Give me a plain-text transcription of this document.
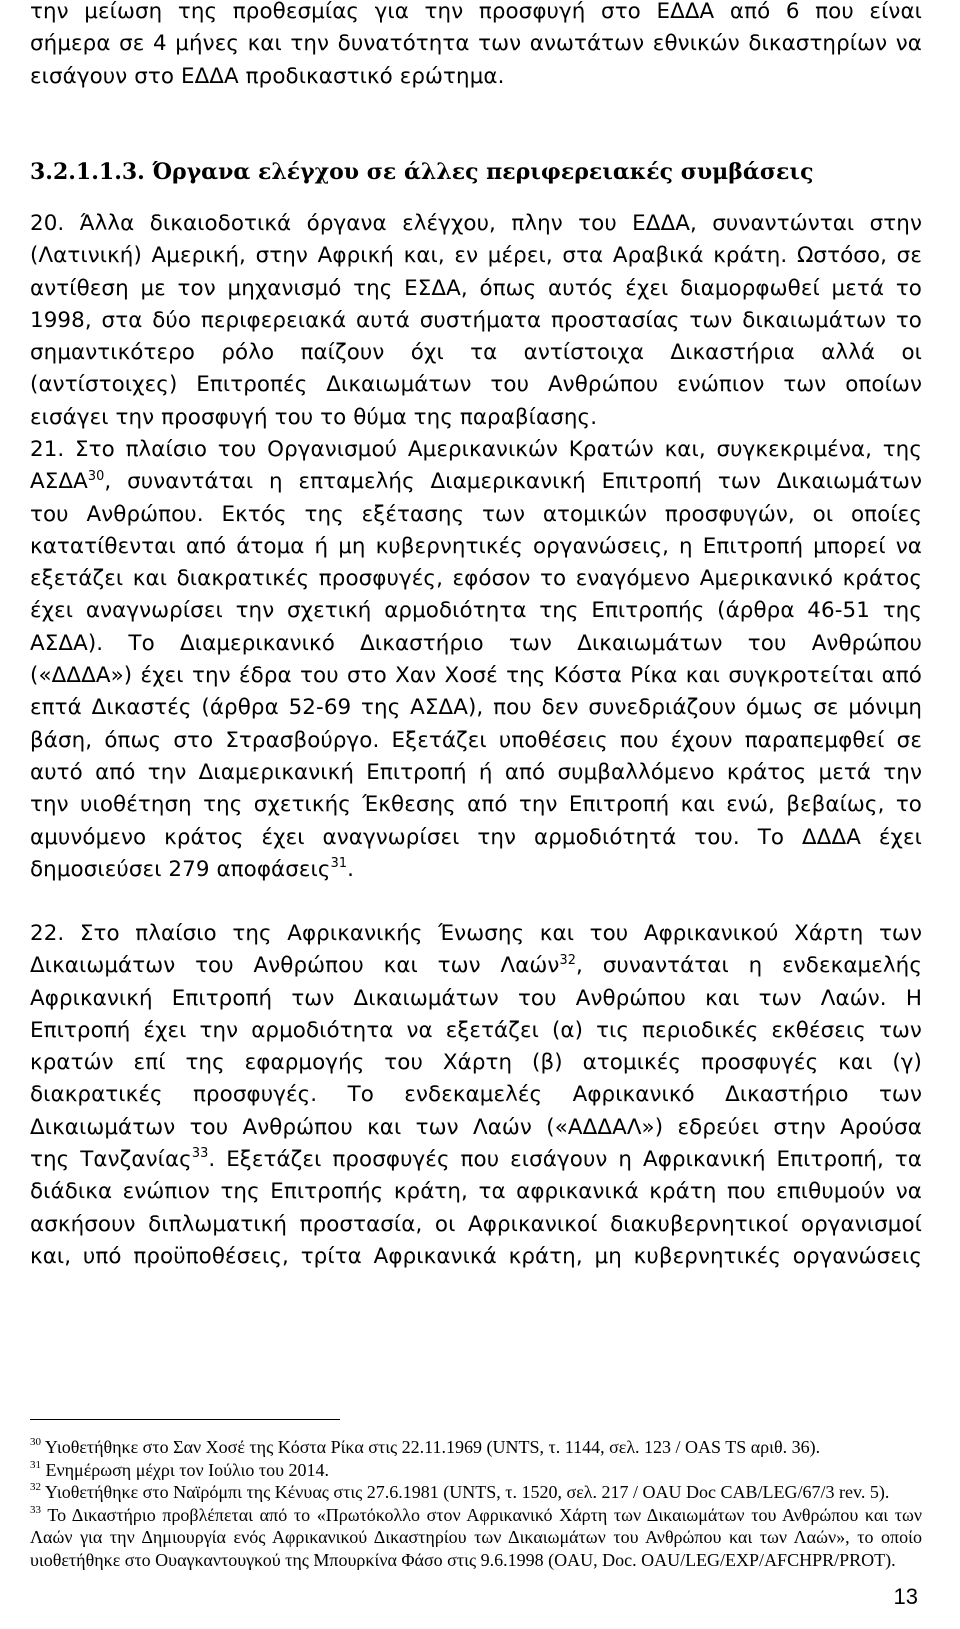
την μείωση της προθεσμίας για την προσφυγή στο ΕΔΔΑ από 6 που είναι
σήμερα σε 4 μήνες και την δυνατότητα των ανωτάτων εθνικών δικαστηρίων να
εισάγουν στο ΕΔΔΑ προδικαστικό ερώτημα.
3.2.1.1.3. Όργανα ελέγχου σε άλλες περιφερειακές συμβάσεις
20. Άλλα δικαιοδοτικά όργανα ελέγχου, πλην του ΕΔΔΑ, συναντώνται στην
(Λατινική) Αμερική, στην Αφρική και, εν μέρει, στα Αραβικά κράτη. Ωστόσο, σε
αντίθεση με τον μηχανισμό της ΕΣΔΑ, όπως αυτός έχει διαμορφωθεί μετά το
1998, στα δύο περιφερειακά αυτά συστήματα προστασίας των δικαιωμάτων το
σημαντικότερο ρόλο παίζουν όχι τα αντίστοιχα Δικαστήρια αλλά οι
(αντίστοιχες) Επιτροπές Δικαιωμάτων του Ανθρώπου ενώπιον των οποίων
εισάγει την προσφυγή του το θύμα της παραβίασης.
21. Στο πλαίσιο του Οργανισμού Αμερικανικών Κρατών και, συγκεκριμένα, της
ΑΣΔΑ$^{30}$, συναντάται η επταμελής Διαμερικανική Επιτροπή των Δικαιωμάτων
του Ανθρώπου. Εκτός της εξέτασης των ατομικών προσφυγών, οι οποίες
κατατίθενται από άτομα ή μη κυβερνητικές οργανώσεις, η Επιτροπή μπορεί να
εξετάζει και διακρατικές προσφυγές, εφόσον το εναγόμενο Αμερικανικό κράτος
έχει αναγνωρίσει την σχετική αρμοδιότητα της Επιτροπής (άρθρα 46-51 της
ΑΣΔΑ). Το Διαμερικανικό Δικαστήριο των Δικαιωμάτων του Ανθρώπου
(«ΔΔΔΑ») έχει την έδρα του στο Χαν Χοσέ της Κόστα Ρίκα και συγκροτείται από
επτά Δικαστές (άρθρα 52-69 της ΑΣΔΑ), που δεν συνεδριάζουν όμως σε μόνιμη
βάση, όπως στο Στρασβούργο. Εξετάζει υποθέσεις που έχουν παραπεμφθεί σε
αυτό από την Διαμερικανική Επιτροπή ή από συμβαλλόμενο κράτος μετά την
την υιοθέτηση της σχετικής Έκθεσης από την Επιτροπή και ενώ, βεβαίως, το
αμυνόμενο κράτος έχει αναγνωρίσει την αρμοδιότητά του. Το ΔΔΔΑ έχει
δημοσιεύσει 279 αποφάσεις$^{31}$.
22. Στο πλαίσιο της Αφρικανικής Ένωσης και του Αφρικανικού Χάρτη των
Δικαιωμάτων του Ανθρώπου και των Λαών$^{32}$, συναντάται η ενδεκαμελής
Αφρικανική Επιτροπή των Δικαιωμάτων του Ανθρώπου και των Λαών. Η
Επιτροπή έχει την αρμοδιότητα να εξετάζει (α) τις περιοδικές εκθέσεις των
κρατών επί της εφαρμογής του Χάρτη (β) ατομικές προσφυγές και (γ)
διακρατικές προσφυγές. Το ενδεκαμελές Αφρικανικό Δικαστήριο των
Δικαιωμάτων του Ανθρώπου και των Λαών («ΑΔΔΑΛ») εδρεύει στην Αρούσα
της Τανζανίας$^{33}$. Εξετάζει προσφυγές που εισάγουν η Αφρικανική Επιτροπή, τα
διάδικα ενώπιον της Επιτροπής κράτη, τα αφρικανικά κράτη που επιθυμούν να
ασκήσουν διπλωματική προστασία, οι Αφρικανικοί διακυβερνητικοί οργανισμοί
και, υπό προϋποθέσεις, τρίτα Αφρικανικά κράτη, μη κυβερνητικές οργανώσεις
$^{30}$ Υιοθετήθηκε στο Σαν Χοσέ της Κόστα Ρίκα στις 22.11.1969 (UNTS, τ. 1144, σελ. 123 / OAS TS αριθ. 36).
$^{31}$ Ενημέρωση μέχρι τον Ιούλιο του 2014.
$^{32}$ Υιοθετήθηκε στο Ναϊρόμπι της Κένυας στις 27.6.1981 (UNTS, τ. 1520, σελ. 217 / OAU Doc CAB/LEG/67/3 rev. 5).
$^{33}$ Το Δικαστήριο προβλέπεται από το «Πρωτόκολλο στον Αφρικανικό Χάρτη των Δικαιωμάτων του Ανθρώπου και των Λαών για την Δημιουργία ενός Αφρικανικού Δικαστηρίου των Δικαιωμάτων του Ανθρώπου και των Λαών», το οποίο υιοθετήθηκε στο Ουαγκαντουγκού της Μπουρκίνα Φάσο στις 9.6.1998 (OAU, Doc. OAU/LEG/EXP/AFCHPR/PROT).
13
